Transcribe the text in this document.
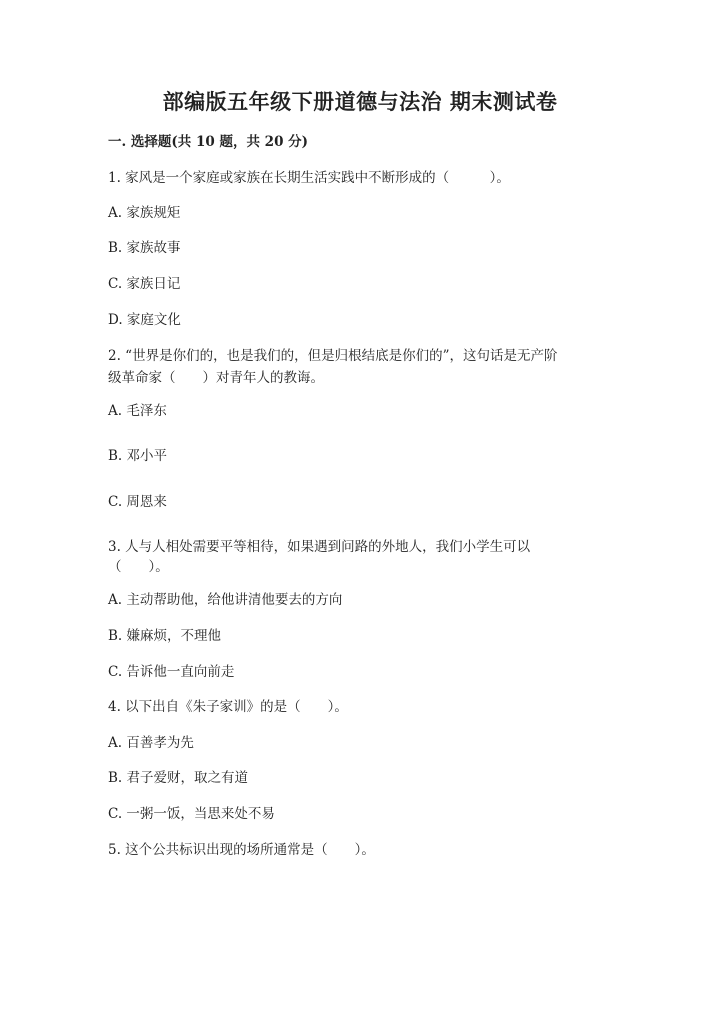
部编版五年级下册道德与法治 期末测试卷
一. 选择题(共 10 题，共 20 分)
1. 家风是一个家庭或家族在长期生活实践中不断形成的（　　　）。
A. 家族规矩
B. 家族故事
C. 家族日记
D. 家庭文化
2. “世界是你们的，也是我们的，但是归根结底是你们的”，这句话是无产阶
级革命家（　　）对青年人的教诲。
A. 毛泽东
B. 邓小平
C. 周恩来
3. 人与人相处需要平等相待，如果遇到问路的外地人，我们小学生可以
（　　）。
A. 主动帮助他，给他讲清他要去的方向
B. 嫌麻烦，不理他
C. 告诉他一直向前走
4. 以下出自《朱子家训》的是（　　）。
A. 百善孝为先
B. 君子爱财，取之有道
C. 一粥一饭，当思来处不易
5. 这个公共标识出现的场所通常是（　　）。
